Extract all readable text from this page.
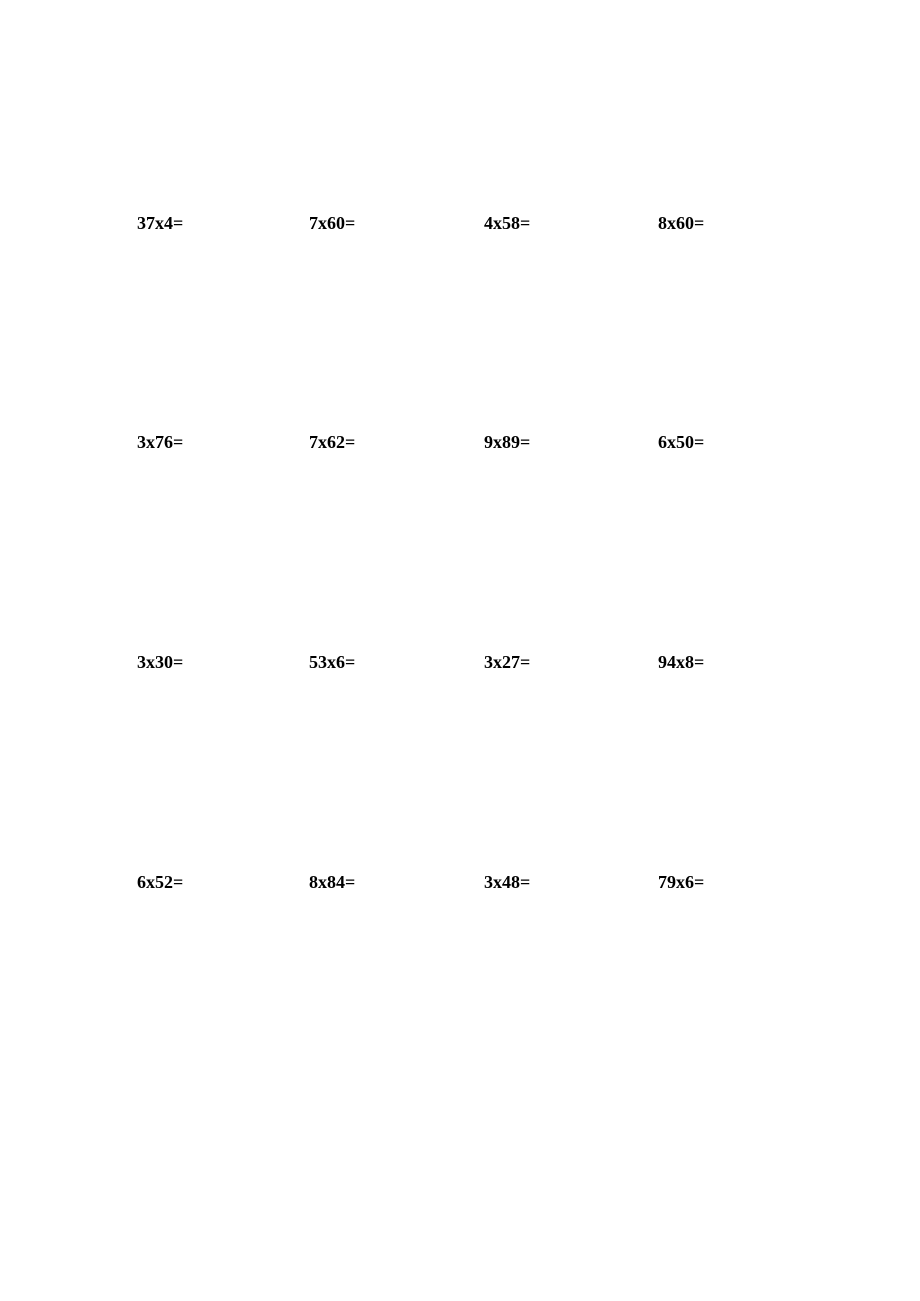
37x4=	7x60=	4x58=	8x60=

3x76=	7x62=	9x89=	6x50=

3x30=	53x6=	3x27=	94x8=

6x52=	8x84=	3x48=	79x6=
